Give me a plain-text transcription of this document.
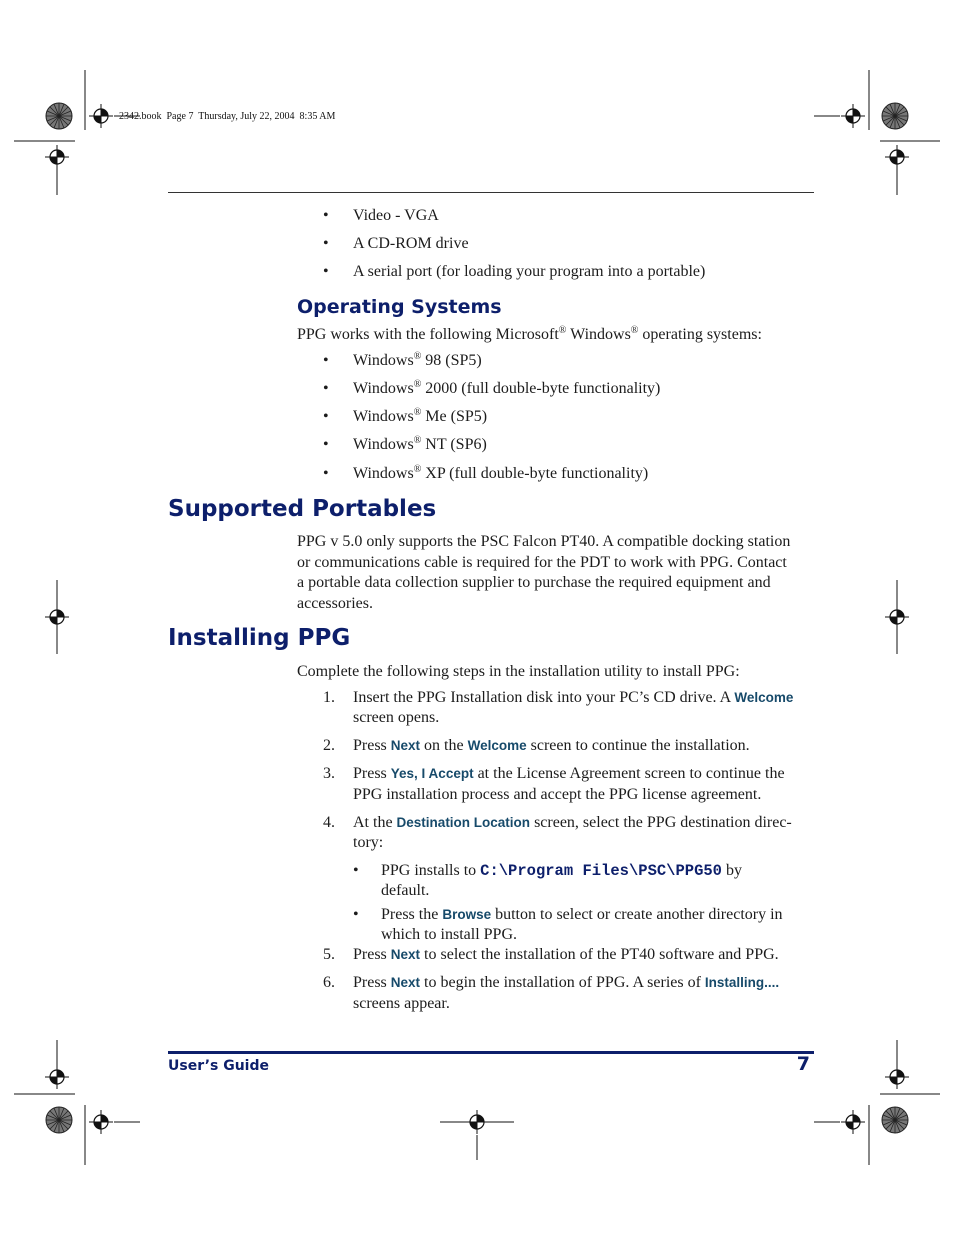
2342.book  Page 7  Thursday, July 22, 2004  8:35 AM
• Video - VGA
• A CD-ROM drive
• A serial port (for loading your program into a portable)
Operating Systems
PPG works with the following Microsoft® Windows® operating systems:
• Windows® 98 (SP5)
• Windows® 2000 (full double-byte functionality)
• Windows® Me (SP5)
• Windows® NT (SP6)
• Windows® XP (full double-byte functionality)
Supported Portables
PPG v 5.0 only supports the PSC Falcon PT40. A compatible docking station
or communications cable is required for the PDT to work with PPG. Contact
a portable data collection supplier to purchase the required equipment and
accessories.
Installing PPG
Complete the following steps in the installation utility to install PPG:
1. Insert the PPG Installation disk into your PC’s CD drive. A Welcome
screen opens.
2. Press Next on the Welcome screen to continue the installation.
3. Press Yes, I Accept at the License Agreement screen to continue the
PPG installation process and accept the PPG license agreement.
4. At the Destination Location screen, select the PPG destination direc-
tory:
• PPG installs to C:\Program Files\PSC\PPG50 by
default.
• Press the Browse button to select or create another directory in
which to install PPG.
5. Press Next to select the installation of the PT40 software and PPG.
6. Press Next to begin the installation of PPG. A series of Installing....
screens appear.
User’s Guide	7
